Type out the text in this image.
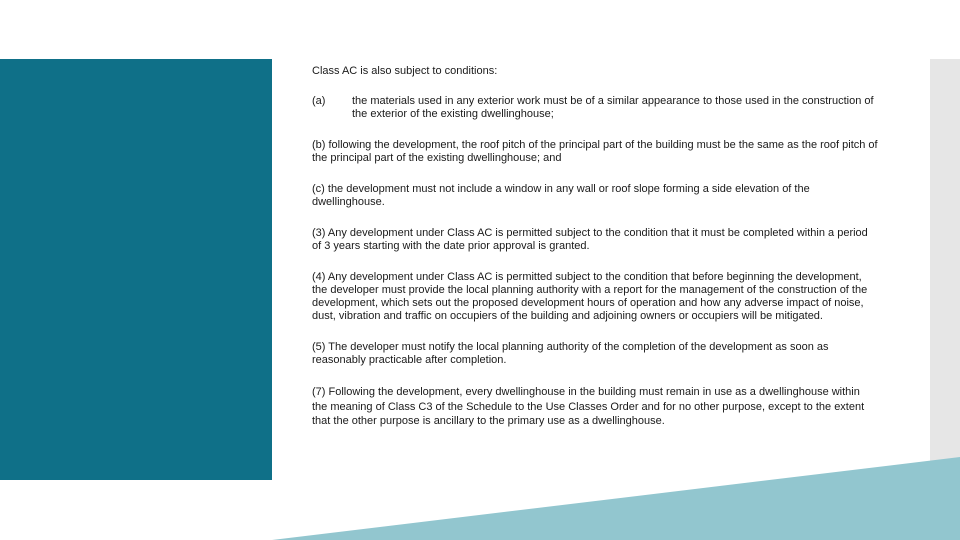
Class AC is also subject to conditions:

(a)	the materials used in any exterior work must be of a similar appearance to those used in the construction of the exterior of the existing dwellinghouse;

(b) following the development, the roof pitch of the principal part of the building must be the same as the roof pitch of the principal part of the existing dwellinghouse; and

(c) the development must not include a window in any wall or roof slope forming a side elevation of the dwellinghouse.

(3) Any development under Class AC is permitted subject to the condition that it must be completed within a period of 3 years starting with the date prior approval is granted.

(4) Any development under Class AC is permitted subject to the condition that before beginning the development, the developer must provide the local planning authority with a report for the management of the construction of the development, which sets out the proposed development hours of operation and how any adverse impact of noise, dust, vibration and traffic on occupiers of the building and adjoining owners or occupiers will be mitigated.

(5) The developer must notify the local planning authority of the completion of the development as soon as reasonably practicable after completion.

(7) Following the development, every dwellinghouse in the building must remain in use as a dwellinghouse within the meaning of Class C3 of the Schedule to the Use Classes Order and for no other purpose, except to the extent that the other purpose is ancillary to the primary use as a dwellinghouse.
